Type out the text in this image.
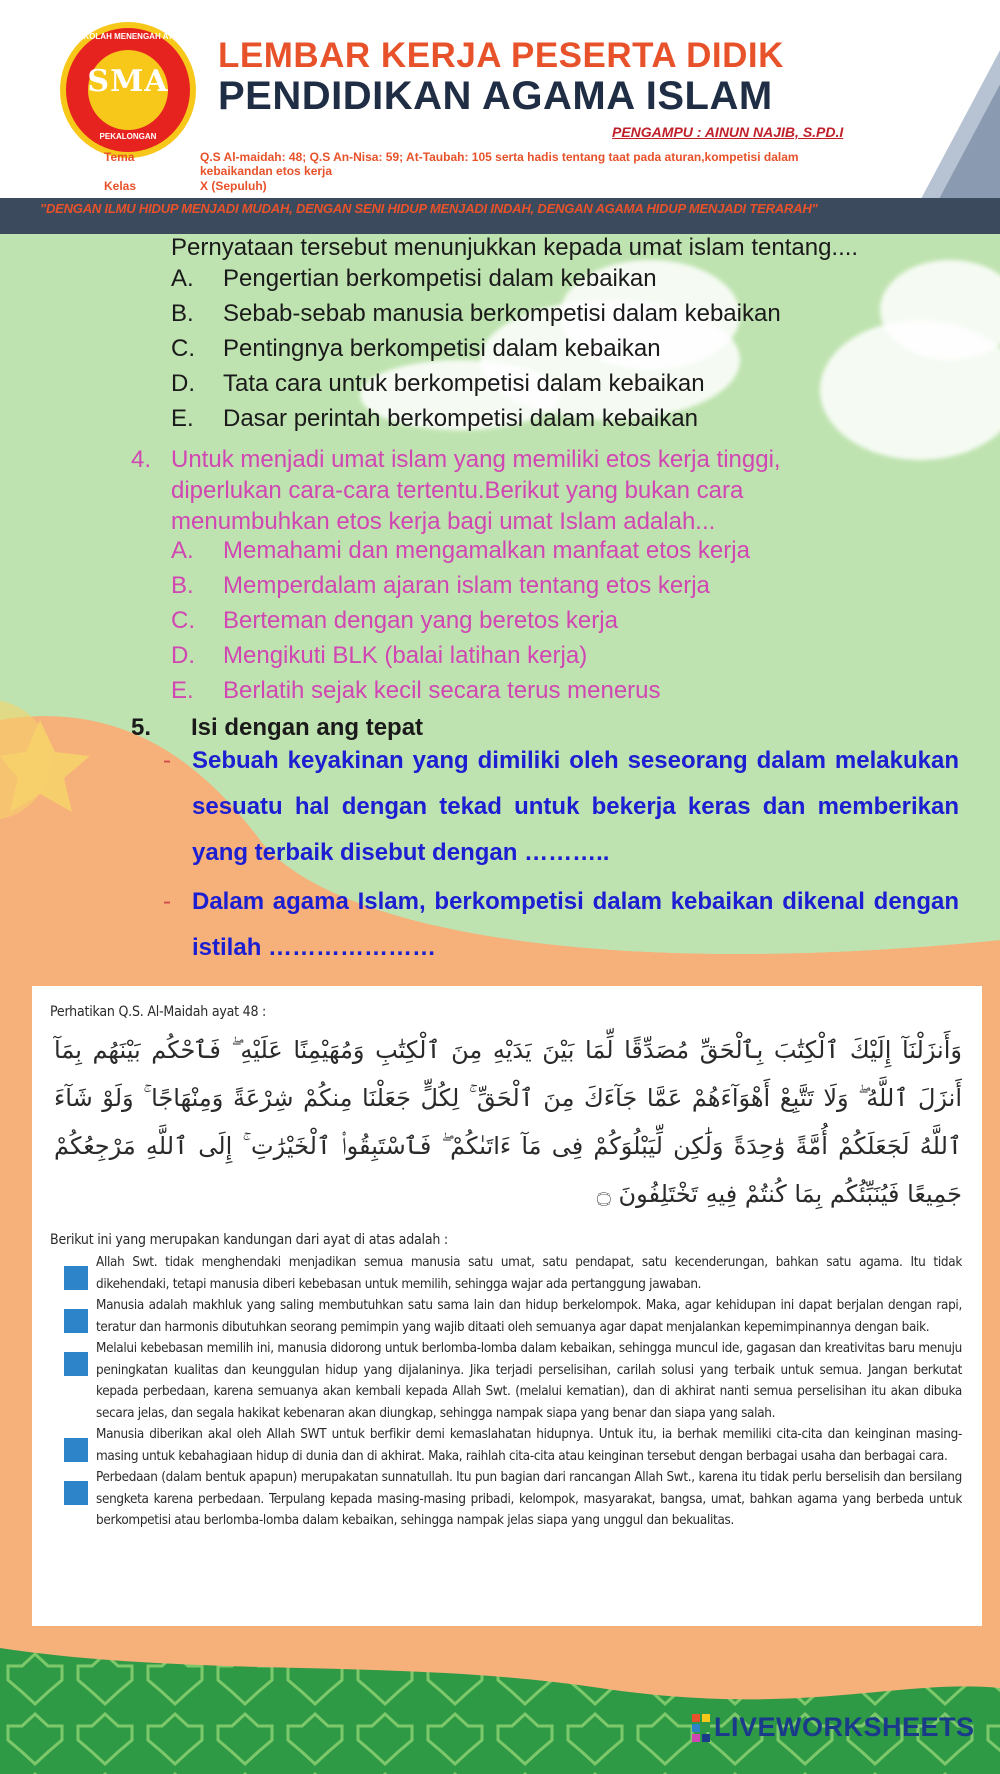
SEKOLAH MENENGAH ATAS
SMA
PEKALONGAN
LEMBAR KERJA PESERTA DIDIK
PENDIDIKAN AGAMA ISLAM
PENGAMPU : AINUN NAJIB, S.PD.I
Tema	Q.S Al-maidah: 48; Q.S An-Nisa: 59; At-Taubah: 105 serta hadis tentang taat pada aturan,kompetisi dalam kebaikandan etos kerja
Kelas	X (Sepuluh)
"DENGAN ILMU HIDUP MENJADI MUDAH, DENGAN SENI HIDUP MENJADI INDAH, DENGAN AGAMA HIDUP MENJADI TERARAH"
Pernyataan tersebut menunjukkan kepada umat islam tentang....
A. Pengertian berkompetisi dalam kebaikan
B. Sebab-sebab manusia berkompetisi dalam kebaikan
C. Pentingnya berkompetisi dalam kebaikan
D. Tata cara untuk berkompetisi dalam kebaikan
E. Dasar perintah berkompetisi dalam kebaikan
4. Untuk menjadi umat islam yang memiliki etos kerja tinggi, diperlukan cara-cara tertentu.Berikut yang bukan cara menumbuhkan etos kerja bagi umat Islam adalah...
A. Memahami dan mengamalkan manfaat etos kerja
B. Memperdalam ajaran islam tentang etos kerja
C. Berteman dengan yang beretos kerja
D. Mengikuti BLK (balai latihan kerja)
E. Berlatih sejak kecil secara terus menerus
5. Isi dengan ang tepat
- Sebuah keyakinan yang dimiliki oleh seseorang dalam melakukan sesuatu hal dengan tekad untuk bekerja keras dan memberikan yang terbaik disebut dengan ………..
- Dalam agama Islam, berkompetisi dalam kebaikan dikenal dengan istilah …………………
Perhatikan Q.S. Al-Maidah ayat 48 :
وَأَنزَلْنَآ إِلَيْكَ ٱلْكِتَٰبَ بِٱلْحَقِّ مُصَدِّقًا لِّمَا بَيْنَ يَدَيْهِ مِنَ ٱلْكِتَٰبِ وَمُهَيْمِنًا عَلَيْهِ ۖ فَٱحْكُم بَيْنَهُم بِمَآ أَنزَلَ ٱللَّهُ ۖ وَلَا تَتَّبِعْ أَهْوَآءَهُمْ عَمَّا جَآءَكَ مِنَ ٱلْحَقِّ ۚ لِكُلٍّ جَعَلْنَا مِنكُمْ شِرْعَةً وَمِنْهَاجًا ۚ وَلَوْ شَآءَ ٱللَّهُ لَجَعَلَكُمْ أُمَّةً وَٰحِدَةً وَلَٰكِن لِّيَبْلُوَكُمْ فِى مَآ ءَاتَىٰكُمْ ۖ فَٱسْتَبِقُوا۟ ٱلْخَيْرَٰتِ ۚ إِلَى ٱللَّهِ مَرْجِعُكُمْ جَمِيعًا فَيُنَبِّئُكُم بِمَا كُنتُمْ فِيهِ تَخْتَلِفُونَ ۝
Berikut ini yang merupakan kandungan dari ayat di atas adalah :
Allah Swt. tidak menghendaki menjadikan semua manusia satu umat, satu pendapat, satu kecenderungan, bahkan satu agama. Itu tidak dikehendaki, tetapi manusia diberi kebebasan untuk memilih, sehingga wajar ada pertanggung jawaban.
Manusia adalah makhluk yang saling membutuhkan satu sama lain dan hidup berkelompok. Maka, agar kehidupan ini dapat berjalan dengan rapi, teratur dan harmonis dibutuhkan seorang pemimpin yang wajib ditaati oleh semuanya agar dapat menjalankan kepemimpinannya dengan baik.
Melalui kebebasan memilih ini, manusia didorong untuk berlomba-lomba dalam kebaikan, sehingga muncul ide, gagasan dan kreativitas baru menuju peningkatan kualitas dan keunggulan hidup yang dijalaninya. Jika terjadi perselisihan, carilah solusi yang terbaik untuk semua. Jangan berkutat kepada perbedaan, karena semuanya akan kembali kepada Allah Swt. (melalui kematian), dan di akhirat nanti semua perselisihan itu akan dibuka secara jelas, dan segala hakikat kebenaran akan diungkap, sehingga nampak siapa yang benar dan siapa yang salah.
Manusia diberikan akal oleh Allah SWT untuk berfikir demi kemaslahatan hidupnya. Untuk itu, ia berhak memiliki cita-cita dan keinginan masing-masing untuk kebahagiaan hidup di dunia dan di akhirat. Maka, raihlah cita-cita atau keinginan tersebut dengan berbagai usaha dan berbagai cara.
Perbedaan (dalam bentuk apapun) merupakatan sunnatullah. Itu pun bagian dari rancangan Allah Swt., karena itu tidak perlu berselisih dan bersilang sengketa karena perbedaan. Terpulang kepada masing-masing pribadi, kelompok, masyarakat, bangsa, umat, bahkan agama yang berbeda untuk berkompetisi atau berlomba-lomba dalam kebaikan, sehingga nampak jelas siapa yang unggul dan bekualitas.
LIVEWORKSHEETS
